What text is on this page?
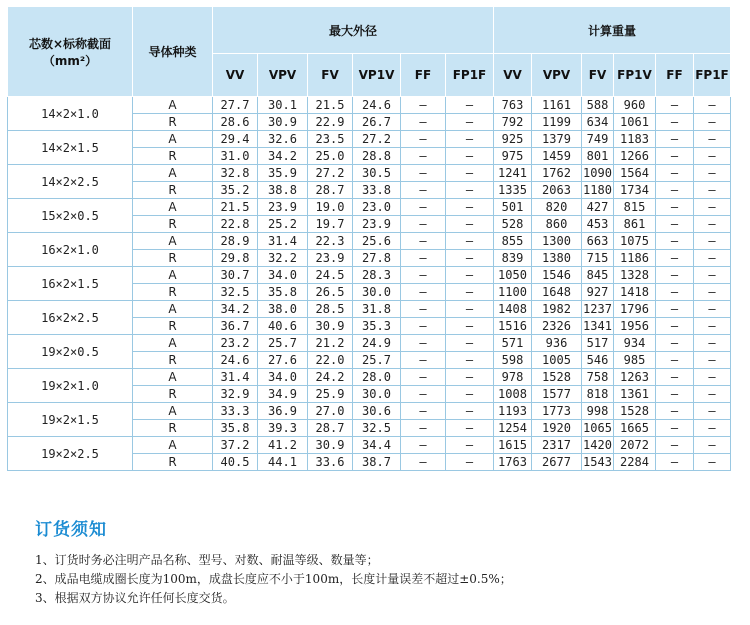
芯数×标称截面（mm²）	导体种类	最大外径						计算重量					
		VV	VPV	FV	VP1V	FF	FP1F	VV	VPV	FV	FP1V	FF	FP1F
14×2×1.0	A	27.7	30.1	21.5	24.6	–	–	763	1161	588	960	–	–
	R	28.6	30.9	22.9	26.7	–	–	792	1199	634	1061	–	–
14×2×1.5	A	29.4	32.6	23.5	27.2	–	–	925	1379	749	1183	–	–
	R	31.0	34.2	25.0	28.8	–	–	975	1459	801	1266	–	–
14×2×2.5	A	32.8	35.9	27.2	30.5	–	–	1241	1762	1090	1564	–	–
	R	35.2	38.8	28.7	33.8	–	–	1335	2063	1180	1734	–	–
15×2×0.5	A	21.5	23.9	19.0	23.0	–	–	501	820	427	815	–	–
	R	22.8	25.2	19.7	23.9	–	–	528	860	453	861	–	–
16×2×1.0	A	28.9	31.4	22.3	25.6	–	–	855	1300	663	1075	–	–
	R	29.8	32.2	23.9	27.8	–	–	839	1380	715	1186	–	–
16×2×1.5	A	30.7	34.0	24.5	28.3	–	–	1050	1546	845	1328	–	–
	R	32.5	35.8	26.5	30.0	–	–	1100	1648	927	1418	–	–
16×2×2.5	A	34.2	38.0	28.5	31.8	–	–	1408	1982	1237	1796	–	–
	R	36.7	40.6	30.9	35.3	–	–	1516	2326	1341	1956	–	–
19×2×0.5	A	23.2	25.7	21.2	24.9	–	–	571	936	517	934	–	–
	R	24.6	27.6	22.0	25.7	–	–	598	1005	546	985	–	–
19×2×1.0	A	31.4	34.0	24.2	28.0	–	–	978	1528	758	1263	–	–
	R	32.9	34.9	25.9	30.0	–	–	1008	1577	818	1361	–	–
19×2×1.5	A	33.3	36.9	27.0	30.6	–	–	1193	1773	998	1528	–	–
	R	35.8	39.3	28.7	32.5	–	–	1254	1920	1065	1665	–	–
19×2×2.5	A	37.2	41.2	30.9	34.4	–	–	1615	2317	1420	2072	–	–
	R	40.5	44.1	33.6	38.7	–	–	1763	2677	1543	2284	–	–
订货须知

1、订货时务必注明产品名称、型号、对数、耐温等级、数量等；

2、成品电缆成圈长度为100m，成盘长度应不小于100m，长度计量误差不超过±0.5%；

3、根据双方协议允许任何长度交货。
